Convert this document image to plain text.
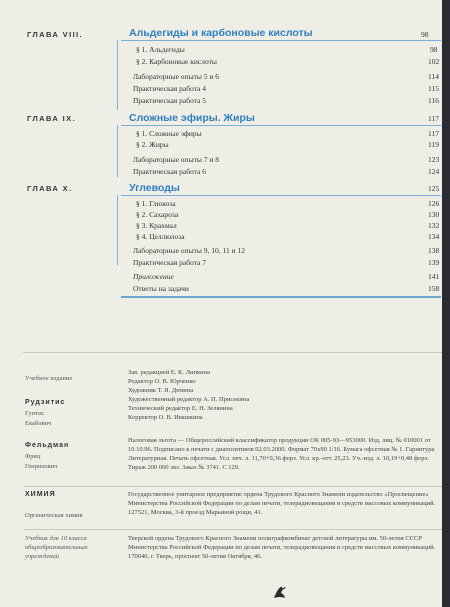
ГЛАВА VIII.	Альдегиды и карбоновые кислоты	98
§ 1. Альдегиды	98
§ 2. Карбоновые кислоты	102
Лабораторные опыты 5 и 6	114
Практическая работа 4	115
Практическая работа 5	116
ГЛАВА IX.	Сложные эфиры. Жиры	117
§ 1. Сложные эфиры	117
§ 2. Жиры	119
Лабораторные опыты 7 и 8	123
Практическая работа 6	124
ГЛАВА X.	Углеводы	125
§ 1. Глюкоза	126
§ 2. Сахароза	130
§ 3. Крахмал	132
§ 4. Целлюлоза	134
Лабораторные опыты 9, 10, 11 и 12	138
Практическая работа 7	139
Приложение	141
Ответы на задачи	158
Учебное издание
Рудзитис
Гунтис
Екабович
Фельдман
Фриц
Генрихович
ХИМИЯ
Органическая химия
Учебник для 10 класса общеобразовательных учреждений
Зав. редакцией Е. К. Липкина
Редактор О. В. Юрченко
Художник Т. Я. Демина
Художественный редактор А. П. Присекина
Технический редактор Е. Н. Зелянина
Корректор О. В. Ивашкина
Налоговая льгота — Общероссийский классификатор продукции ОК 005-93—953000. Изд. лиц. № 010001 от 10.10.96. Подписано к печати с диапозитивов 02.03.2000. Формат 70x90 1/16. Бумага офсетная № 1. Гарнитура Литературная. Печать офсетная. Усл. печ. л. 11,70+0,36 форз. Усл. кр.-отт. 25,23. Уч.-изд. л. 10,19+0,48 форз. Тираж 200 000 экз. Заказ № 3741. С 129.
Государственное унитарное предприятие ордена Трудового Красного Знамени издательство «Просвещение» Министерства Российской Федерации по делам печати, телерадиовещания и средств массовых коммуникаций. 127521, Москва, 3-й проезд Марьиной рощи, 41.
Тверской ордена Трудового Красного Знамени полиграфкомбинат детской литературы им. 50-летия СССР Министерства Российской Федерации по делам печати, телерадиовещания и средств массовых коммуникаций. 170040, г. Тверь, проспект 50-летия Октября, 46.
